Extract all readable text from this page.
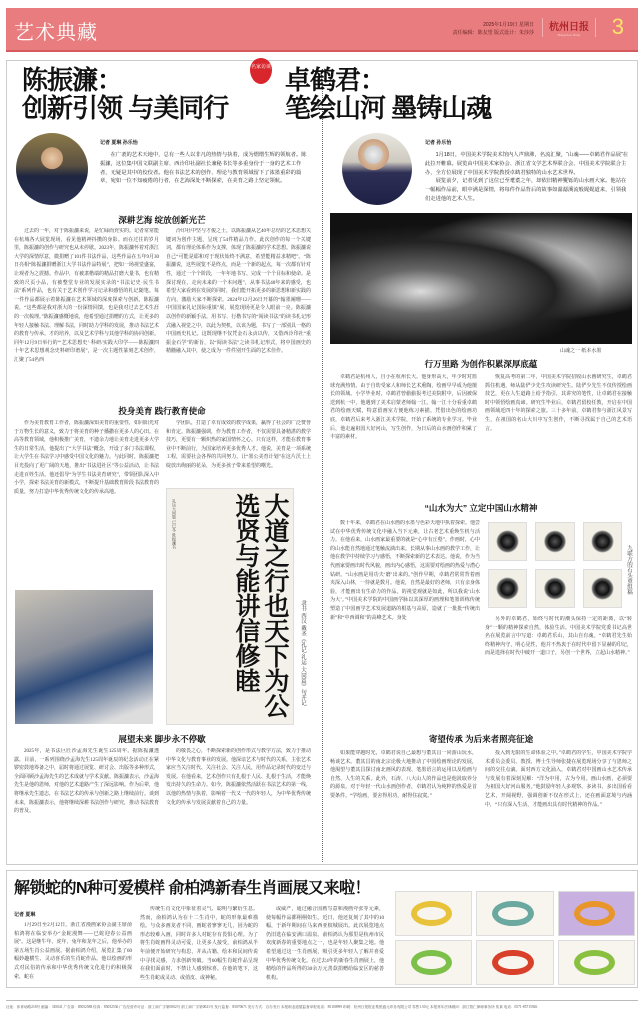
艺术典藏	2025年1月19日 星期日
责任编辑：陈友望 版式设计：朱莎莎	杭州日报
Hangzhou Daily	3
名家访谈
陈振濂：
创新引领 与美同行
记者 夏琳 孙乐怡
在广袤的艺术天地中，总有一些人以非凡的热情与执着，成为熠熠生辉的领航者。陈振濂，这位集中国文联副主席、西泠印社副社长兼秘书长等多重身份于一身的艺术工作者，无疑是其中的佼佼者。他在书法艺术的创作、理论与教育领域留下了浓墨重彩的篇章，宛如一位不知疲倦的行者，在艺海深处不断探索，在美育之路上坚定领航。
深耕艺海 绽放创新光芒

过去的一年，对于陈振濂来说，是忙碌而充实的。记者常常能在杭城各大展览现场，看见他精神抖擞的身影。而在过往的岁月里，陈振濂的创作与研究也从未停歇。2023年，陈振濂怀着对浙江大学的深情厚意，微捐赠了101件书法作品，这些作品在五年9月30日亮相“陈振濂捐赠浙江大学书法作品特展”，把如一场视觉盛宴，让观者为之震撼。作品中，有被隶楷端的精品打磨大量书，也有精致的尺页小品，有被整堂专业的发展实录的“书法记史·民生书法”系列作品，也有关于艺术创作学习记录和感悟的札记随笔。每一件作品都展示着陈振濂在艺术领域的深度探索与创新。陈振濂说，“这些都是我对浙大的一份深情回馈，也是我对过去艺术生涯的一次梳理。”陈振濂感慨地说，他希望通过捐赠的方式，让更多的年轻人接触书法、理解书法，同时助力学科的发展，推动书法艺术的教育与传承。才的培养，以及艺术学科与其他学科的协同创新。同年12月9日举行的“‘艺术思想史’·科研/实践大印学——陈振濂四十年艺术思想观念史料研印谱展”，是一次主题性篆刻艺术创作，汇聚了54名西

泠印社中坚与才俊之士，以陈振濂从艺40年总结的艺术思想关键词为创作主题，呈现了54件精品力作。此次创作的每一个关键词，都有理论体系作为支撑，体现了陈振濂的学术思想。陈振濂说自己“可能是耶和对于现状始终不满意，希望能精益求精吧”。“陈振濂说，这些展览不是终点，而是一个新的起点，每一次都有针对性，通过一个个阶段，一年年地书写、完成一个个目标和使命。是探讨现在，走向未来的一个本问题”，从事书法40年来的感受，也希望大家看到在发展的同时，我们能开拓更多的新思想和新实践的方向，激励大家不断探索。2024年12月26日开幕的“翰墨阑珊——中国国家礼记国际重镇”展，展览现场更是令人眼前一亮。陈振濂以创作的新颖手法，用书写、行楷书写的“阅读书法”的读书札记形式融入视觉之中，以此为契机，以该为题，书写了一部别具一格的中国画史札记。这既现继不仅凭金石永贞以传，又借西泠印社“重振金石学”的新旨，以“阅读书法”之读书札记形式，将中国画史的精髓融入其中，使之成为一件件别开生面的艺术佳作。

投身美育 践行教育使命

作为美育教育工作者，陈振濂深知美育的重要性，如同阳光对于万物生长的意义，致力于将美育的种子播撒在更多人的心田。在高等教育领域，他积极推广美育，不遗余力地让美育走进更多大学生的日常生活，他提出了“大学书法”概念，开设了多门书法课程，让大学生在书法学习中感受中国文化的魅力。与此同时，陈振濂把目光投向了更广阔的天地，推出“书法进社区”等公益活动，让书法走进百姓生活。他还倡导“为学生书法美育研究”，带领团队深入中小学，探索书法美育的新模式，不断提升基础教育阶段书法教育的质量，努力打造中华优秀传统文化的传承高地。

学团队，打造了卓有成效的教学成果，赢得了社会的广泛赞誉和肯定。陈振濂强调，作为教育工作者，不仅需要具备精湛的教学技巧，更要有一颗炽热的家国情怀之心。只有这样，才能在教育事业中不断前行，为国家培养更多优秀人才。他说，美育是一项系统工程，需要社会各界的共同努力，让“墨公美育计划”在这片沃土上绽放出绚丽的花朵，为更多孩子带来希望的曙光。

大道之行也天下为公选贤与能讲信修睦
礼运大同篇 已巳冬 陈振濂书
隶书 西汉 戴圣《礼记·礼运·大同篇》句并记
展望未来 脚步永不停歇

2025年，是书法巨匠沙孟海先生诞生125周年。据陈振濂透露，目前，一系列围绕沙孟海先生125周年诞辰的纪念活动正在紧锣密鼓地筹备之中，届时将通过展览、研讨会、出版等多种形式，全面回顾沙孟海先生的艺术成就与学术贡献。陈振濂表示，沙孟海先生是他的恩师，对他的艺术道路产生了深远影响。作为后辈，他将继承先生遗志，在书法艺术的传承与创新之路上继续前行。谈到未来，陈振濂表示，他将继续深耕书法创作与研究，推动书法教育的普及。

的敬畏之心，不断探索新的创作形式与教学方法，致力于推动中华文化与教育事业的发展。他深谙艺术与时代的关系，主张艺术家应当关注时代、关注社会、关注人民，用作品记录时代的变迁与发展。在他看来，艺术创作只有扎根于人民、扎根于生活，才能焕发出持久的生命力。如今，陈振濂依然活跃在书法艺术的第一线，以他的热情与执着，影响着一代又一代的年轻人，为中华优秀传统文化的传承与发展贡献着自己的力量。

卓鹤君：
笔绘山河 墨铸山魂
记者 孙乐怡
1月18日，中国美术学院美术馆内人声鼎沸，名流汇聚，“山魂——卓鹤君作品展”在此拉开帷幕。展览由中国美术家协会、浙江省文学艺术界联合会、中国美术学院联合主办，全方位展现了中国美术学院教授卓鹤君独特的山水艺术世界。
展览前夕，记者见到了这位已至耄耋之年，却依旧精神矍铄的山水画大家。他站在一幅幅作品前，眼中满是深情，将每件作品背后的故事如潺潺溪流般娓娓道来，引领我们走进他的艺术人生。
山魂之一 纸本水墨
行万里路 为创作积累深厚底蕴

卓鹤君是杭州人，自小在杭州长大。他身形高大，年少时对篮球充满热情。由于自幼受家人和师长艺术熏陶，绘画早早成为他擅长的领域。小学毕业时，卓鹤君曾偷偷报考过美院附中，后因被保送到杭一中，他遇到了美术启蒙老师翰一江。翰一江十分看重卓鹤君的绘画天赋，特意留画室方便他练习素描。凭借出色的绘画功底，卓鹤君后来考入浙江美术学院，开始了系统的专业学习。毕业后，他走遍祖国大好河山，写生创作，为日后的山水画创作积累了丰富的素材。

恢复高考的第二年，中国美术学院招收山水画研究生，卓鹤君抓住机遇，师从陆俨少先生攻读研究生。陆俨少先生不仅传授绘画技艺，更在人生道路上给予指引，其讲究的笔性，让卓鹤君在接触时中领悟绘画真谛。研究生毕业后，卓鹤君留校任教，开启在中国画领域近四十年的探索之旅。三十多年前，卓鹤君参与浙江风景写生，在祖国的名山大川中写生创作，不断寻找属于自己的艺术语言。

“山水为大” 立定中国山水精神

数十年来，卓鹤君在山水画的水墨与色彩天地中执着探索。他尝试在中华优秀传统文化中融入当下元素，让古老艺术重焕生机与活力。在他看来，山水画家最重要的就是“心中有丘壑”。作画时，心中的山水能自然地通过笔触流淌出来。长期从事山水画的教学工作，让他在教学中持续学习与感悟，不断探索新的艺术表达。他说，作为当代画家要画出时代风貌，画出内心感悟，这需要对绘画的热爱与潜心钻研。“山水画是用功夫‘磨’出来的。”创作早期，卓鹤君常常背着画夹深入山林，一待就是数月。他说，自然是最好的老师，只有亲身体验，才能画出有生命力的作品。的视觉观就是如此，所以我说‘山水为大’。”中国美术学院的中国画学脉以其深厚的画理和笔墨训练传统塑造了中国画学艺术发展道路的根基与高原，造就了一批批“传统出新”和“中西调和”的高峰艺术。身处

九联方的石头重组稿

另外的卓鹤君，始终与时代的潮头保持一定的距离，以“转身”一颗的精神探索自然，体验生活。中国美术学院党委书记高世名在展览前言中写道：卓鹤君乐山，其山自有魂。“卓鹤君先生始终精神内守，明心见性，他并不热衷于在时代中留下显赫的印记，而是选择在时代中破开一道口子，另创一个世界，立起山水精神。”

寄望传承 为后来者照亮征途

如果能穿越时光，卓鹤君说自己最想与董其昌一同游山玩水，畅谈艺术。董其昌的南北宗论极大地推动了中国绘画理论的发展，他渴望与董其昌探讨南北画风的表现、笔墨语言的运用以及绘画与自然、人生的关系。此外，石涛、八大山人的作品也是他汲取养分的源泉。对于年轻一代山水画创作者，卓鹤君认为纯粹的热爱是首要条件。“学绘画，要舍得用功，耐得住寂寞。”

投入到无限的生命体验之中。”卓鹤君的学生，中国美术学院学术委员会委员、教授、博士生导师张捷在展览现场分享了与恩师之间的交往点滴。面对西方文化涌入，卓鹤君对中国画山水艺术传承与发展有着深刻见解：“洋为中用，古为今用。画山水画，必须要为祖国大好河山服务。”他鼓励年轻人多观察、多读书、多出国看看艺术，开阔视野，强调创新不仅在形式上，还在画面意境与内涵中，“只有深入生活，才能画出具有时代精神的作品。”

解锁蛇的N种可爱模样 俞柏鸿新春生肖画展又来啦！
记者 夏琳

1月29日至2月12日，浙江省漫画家协会副主席俞柏鸿将在临安举办“金蛇漫舞——巳蛇迎春公益画展”。这是继牛年、虎年、兔年和龙年之后，他举办的第五场生肖公益画展。据俞柏鸿介绍，展览汇集了60幅妙趣横生、灵动喜乐的生肖蛇作品。他以绘画的形式对民俗的传承和中华优秀传统文化进行的积极探索，蛇在

传统生肖文化中象征着灵气、聪明与繁衍生息。然而，俞柏鸿认为在十二生肖中，蛇的形象最难描绘。与众多画龙者不同，画蛇者寥寥无几，因为蛇的形态较难入画，同时许多人对蛇存有畏惧心理。为了将生肖蛇画得灵动可爱，让更多人接受，俞柏鸿从半年前便开始研究与构思，并从古籍、绘本和民间传说中寻找灵感，力求创新突破。当60幅生肖蛇作品呈现在我们面前时，不禁让人感到惊喜。在他的笔下，这些生肖蛇或灵动、或俏皮、或神秘。

或威严，通过融合国画写意和漫画夸张等元素，使每幅作品都栩栩如生。近日，他还复刻了其中的10幅，于新年期间在马来西亚槟城展出。此次展览地点仍旧选在临安满口温泉。俞柏鸿认为那里是杭州市民欢度新春的重要地点之一，也是年轻人聚集之地。他希望通过这一生肖画展，吸引更多年轻人了解并喜爱中华优秀传统文化。在过去4年的新春生肖画展上，他精绘的作品所得的30余万元善款捐赠给临安区的慈善机构。

社址：体育场路218号 邮编：310041 广告部：85052588 传真：85052536 广告经营许可证：浙工商广字第0002号 浙工商广字第0021号 发行监督：85070671 发行方式：自办发行 本报职业道德监督举报电话：85100999 印刷：杭州日报报业集团盛元印务有限公司 零售1.50元 本报常年法律顾问：浙江智仁律师事务所 传真 电话：0571-85715926
